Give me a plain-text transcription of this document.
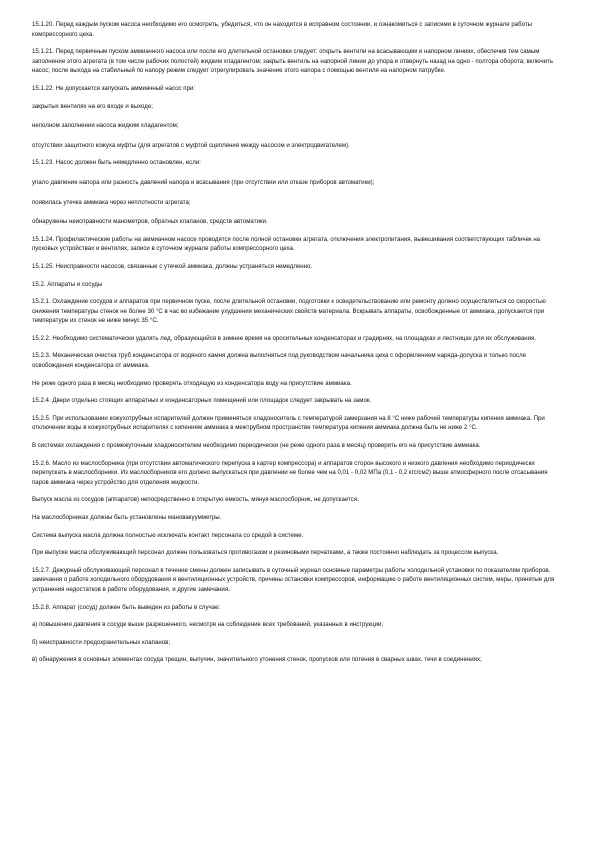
15.1.20. Перед каждым пуском насоса необходимо его осмотреть, убедиться, что он находится в исправном состоянии, и ознакомиться с записями в суточном журнале работы компрессорного цеха.

15.1.21. Перед первичным пуском аммиачного насоса или после его длительной остановки следует: открыть вентили на всасывающем и напорном линиях, обеспечив тем самым заполнение этого агрегата (в том числе рабочих полостей) жидким хладагентом; закрыть вентиль на напорной линии до упора и отвернуть назад на одно - полтора оборота; включить насос; после выхода на стабильный по напору режим следует отрегулировать значение этого напора с помощью вентиля на напорном патрубке.

15.1.22. Не допускается запускать аммиачный насос при:

закрытых вентилях на его входе и выходе;

неполном заполнении насоса жидким хладагентом;

отсутствии защитного кожуха муфты (для агрегатов с муфтой сцепления между насосом и электродвигателем).

15.1.23. Насос должен быть немедленно остановлен, если:

упало давление напора или разность давлений напора и всасывания (при отсутствии или отказе приборов автоматики);

появилась утечка аммиака через неплотности агрегата;

обнаружены неисправности манометров, обратных клапанов, средств автоматики.

15.1.24. Профилактические работы на аммиачном насосе проводятся после полной остановки агрегата, отключения электропитания, вывешивания соответствующих табличек на пусковых устройствах и вентилях, записи в суточном журнале работы компрессорного цеха.

15.1.25. Неисправности насосов, связанные с утечкой аммиака, должны устраняться немедленно.

15.2. Аппараты и сосуды

15.2.1. Охлаждение сосудов и аппаратов при первичном пуске, после длительной остановки, подготовки к освидетельствованию или ремонту должно осуществляться со скоростью снижения температуры стенок не более 30 °С в час во избежание ухудшения механических свойств материала. Вскрывать аппараты, освобожденные от аммиака, допускается при температуре их стенок не ниже минус 35 °С.

15.2.2. Необходимо систематически удалять лед, образующийся в зимнее время на оросительных конденсаторах и градирнях, на площадках и лестницах для их обслуживания.

15.2.3. Механическая очистка труб конденсатора от водяного камня должна выполняться под руководством начальника цеха с оформлением наряда-допуска и только после освобождения конденсатора от аммиака.

Не реже одного раза в месяц необходимо проверять отходящую из конденсатора воду на присутствие аммиака.

15.2.4. Двери отдельно стоящих аппаратных и конденсаторных помещений или площадок следует закрывать на замок.

15.2.5. При использовании кожухотрубных испарителей должен применяться хладоноситель с температурой замерзания на 8 °С ниже рабочей температуры кипения аммиака. При отключении воды в кожухотрубных испарителях с кипением аммиака в межтрубном пространстве температура кипения аммиака должна быть не ниже 2 °С.

В системах охлаждения с промежуточным хладоносителем необходимо периодически (не реже одного раза в месяц) проверять его на присутствие аммиака.

15.2.6. Масло из маслосборника (при отсутствии автоматического перепуска в картер компрессора) и аппаратов сторон высокого и низкого давления необходимо периодически перепускать в маслосборники. Из маслосборников его должно выпускаться при давлении не более чем на 0,01 - 0,02 МПа (0,1 - 0,2 кгс/см2) выше атмосферного после отсасывания паров аммиака через устройство для отделения жидкости.

Выпуск масла из сосудов (аппаратов) непосредственно в открытую емкость, минуя маслосборник, не допускается.

На маслосборниках должны быть установлены мановакуумметры.

Система выпуска масла должна полностью исключать контакт персонала со средой в системе.

При выпуске масла обслуживающий персонал должен пользоваться противогазом и резиновыми перчатками, а также постоянно наблюдать за процессом выпуска.

15.2.7. Дежурный обслуживающий персонал в течение смены должен записывать в суточный журнал основные параметры работы холодильной установки по показателям приборов, замечания о работе холодильного оборудования и вентиляционных устройств, причины остановки компрессоров, информацию о работе вентиляционных систем, меры, принятые для устранения недостатков в работе оборудования, и другие замечания.

15.2.8. Аппарат (сосуд) должен быть выведен из работы в случае:

а) повышения давления в сосуде выше разрешенного, несмотря на соблюдение всех требований, указанных в инструкции;

б) неисправности предохранительных клапанов;

в) обнаружения в основных элементах сосуда трещин, выпучин, значительного утонения стенок, пропусков или потения в сварных швах, течи в соединениях;
